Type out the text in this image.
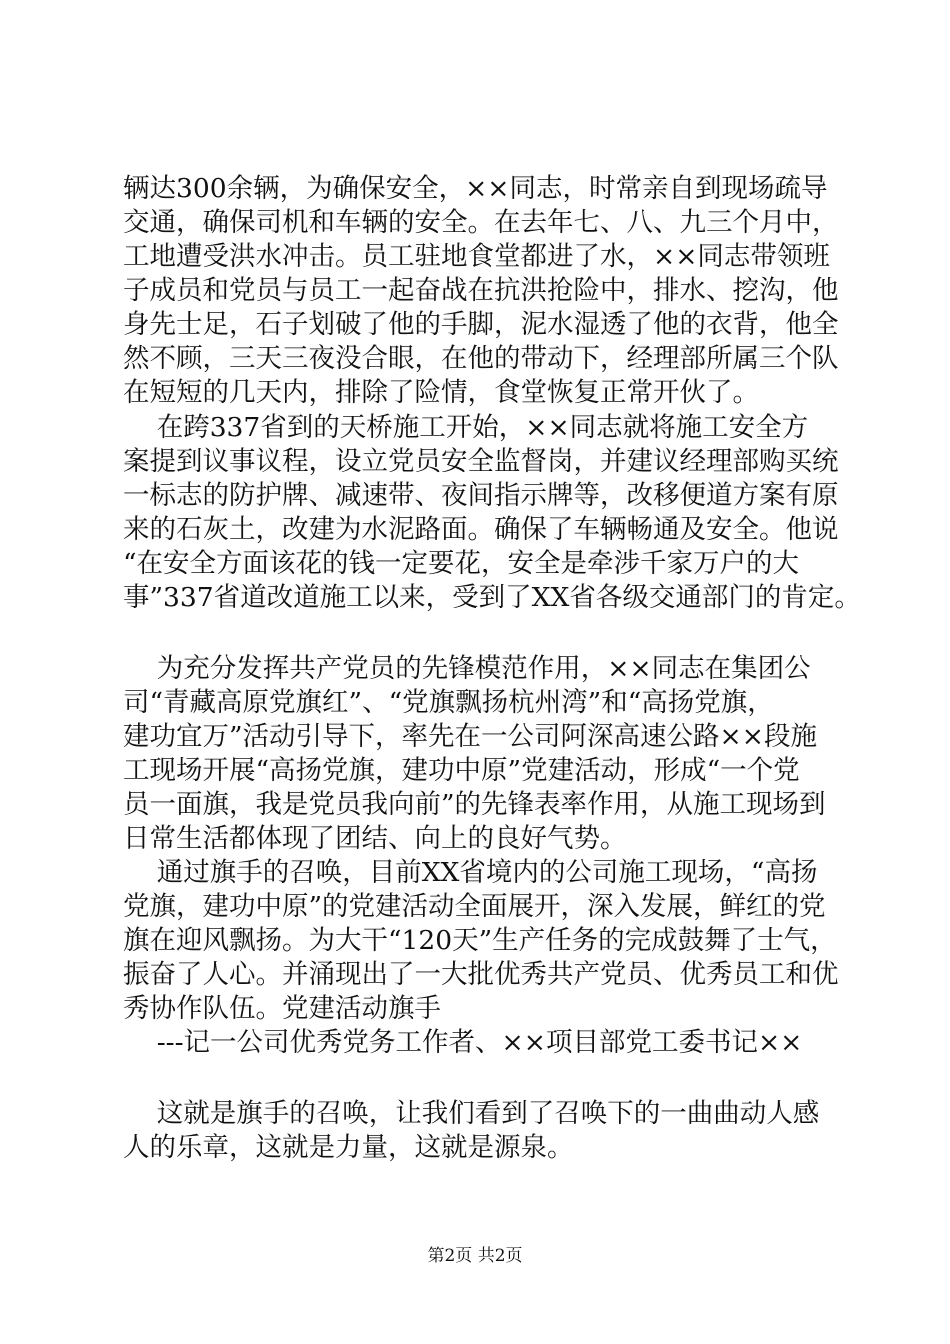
辆达300余辆，为确保安全，××同志，时常亲自到现场疏导
交通，确保司机和车辆的安全。在去年七、八、九三个月中，
工地遭受洪水冲击。员工驻地食堂都进了水，××同志带领班
子成员和党员与员工一起奋战在抗洪抢险中，排水、挖沟，他
身先士足，石子划破了他的手脚，泥水湿透了他的衣背，他全
然不顾，三天三夜没合眼，在他的带动下，经理部所属三个队
在短短的几天内，排除了险情，食堂恢复正常开伙了。
在跨337省到的天桥施工开始，××同志就将施工安全方
案提到议事议程，设立党员安全监督岗，并建议经理部购买统
一标志的防护牌、减速带、夜间指示牌等，改移便道方案有原
来的石灰土，改建为水泥路面。确保了车辆畅通及安全。他说
“在安全方面该花的钱一定要花，安全是牵涉千家万户的大
事”337省道改道施工以来，受到了XX省各级交通部门的肯定。
为充分发挥共产党员的先锋模范作用，××同志在集团公
司“青藏高原党旗红”、“党旗飘扬杭州湾”和“高扬党旗，
建功宜万”活动引导下，率先在一公司阿深高速公路××段施
工现场开展“高扬党旗，建功中原”党建活动，形成“一个党
员一面旗，我是党员我向前”的先锋表率作用，从施工现场到
日常生活都体现了团结、向上的良好气势。
通过旗手的召唤，目前XX省境内的公司施工现场，“高扬
党旗，建功中原”的党建活动全面展开，深入发展，鲜红的党
旗在迎风飘扬。为大干“120天”生产任务的完成鼓舞了士气，
振奋了人心。并涌现出了一大批优秀共产党员、优秀员工和优
秀协作队伍。党建活动旗手
---记一公司优秀党务工作者、××项目部党工委书记××
这就是旗手的召唤，让我们看到了召唤下的一曲曲动人感
人的乐章，这就是力量，这就是源泉。
第2页 共2页
